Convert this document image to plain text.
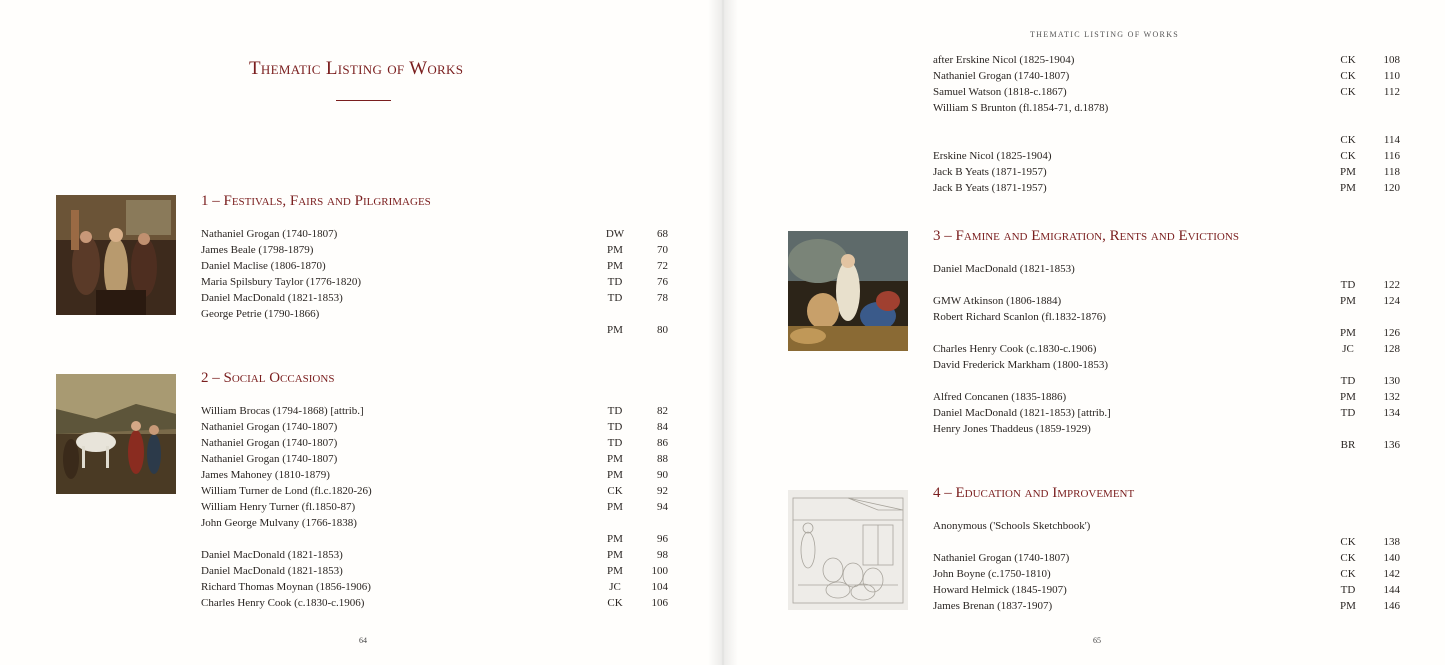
Thematic Listing of Works
THEMATIC LISTING OF WORKS
64	65
1 – Festivals, Fairs and Pilgrimages
2 – Social Occasions
3 – Famine and Emigration, Rents and Evictions
4 – Education and Improvement
Nathaniel Grogan (1740-1807)	DW	68
James Beale (1798-1879)	PM	70
Daniel Maclise (1806-1870)	PM	72
Maria Spilsbury Taylor (1776-1820)	TD	76
Daniel MacDonald (1821-1853)	TD	78
George Petrie (1790-1866)
PM	80
William Brocas (1794-1868) [attrib.]	TD	82
Nathaniel Grogan (1740-1807)	TD	84
Nathaniel Grogan (1740-1807)	TD	86
Nathaniel Grogan (1740-1807)	PM	88
James Mahoney (1810-1879)	PM	90
William Turner de Lond (fl.c.1820-26)	CK	92
William Henry Turner (fl.1850-87)	PM	94
John George Mulvany (1766-1838)
PM	96
Daniel MacDonald (1821-1853)	PM	98
Daniel MacDonald (1821-1853)	PM	100
Richard Thomas Moynan (1856-1906)	JC	104
Charles Henry Cook (c.1830-c.1906)	CK	106
after Erskine Nicol (1825-1904)	CK	108
Nathaniel Grogan (1740-1807)	CK	110
Samuel Watson (1818-c.1867)	CK	112
William S Brunton (fl.1854-71, d.1878)
CK	114
Erskine Nicol (1825-1904)	CK	116
Jack B Yeats (1871-1957)	PM	118
Jack B Yeats (1871-1957)	PM	120
Daniel MacDonald (1821-1853)
TD	122
GMW Atkinson (1806-1884)	PM	124
Robert Richard Scanlon (fl.1832-1876)
PM	126
Charles Henry Cook (c.1830-c.1906)	JC	128
David Frederick Markham (1800-1853)
TD	130
Alfred Concanen (1835-1886)	PM	132
Daniel MacDonald (1821-1853) [attrib.]	TD	134
Henry Jones Thaddeus (1859-1929)
BR	136
Anonymous ('Schools Sketchbook')
CK	138
Nathaniel Grogan (1740-1807)	CK	140
John Boyne (c.1750-1810)	CK	142
Howard Helmick (1845-1907)	TD	144
James Brenan (1837-1907)	PM	146
